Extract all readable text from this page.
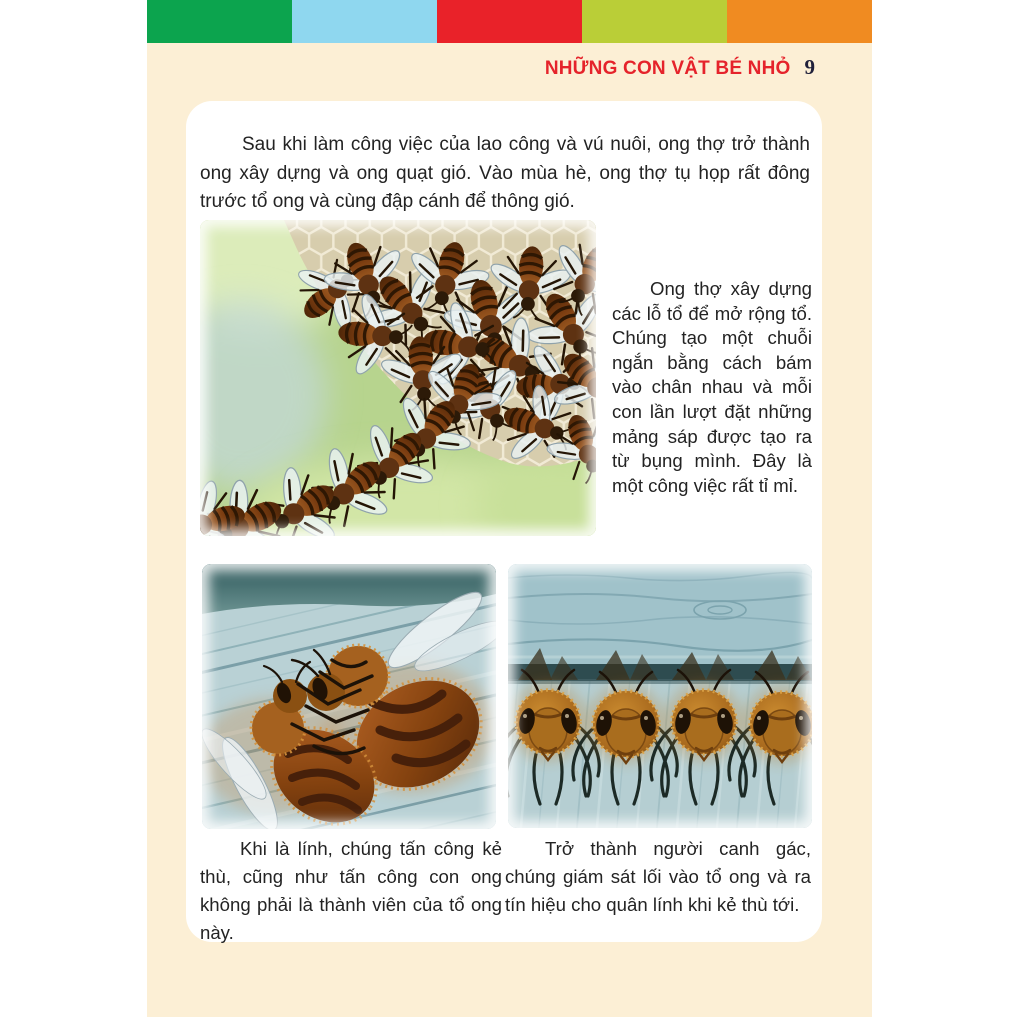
NHỮNG CON VẬT BÉ NHỎ 9

Sau khi làm công việc của lao công và vú nuôi, ong thợ trở thành ong xây dựng và ong quạt gió. Vào mùa hè, ong thợ tụ họp rất đông trước tổ ong và cùng đập cánh để thông gió.

Ong thợ xây dựng các lỗ tổ để mở rộng tổ. Chúng tạo một chuỗi ngắn bằng cách bám vào chân nhau và mỗi con lần lượt đặt những mảng sáp được tạo ra từ bụng mình. Đây là một công việc rất tỉ mỉ.

Khi là lính, chúng tấn công kẻ thù, cũng như tấn công con ong không phải là thành viên của tổ ong này.

Trở thành người canh gác, chúng giám sát lối vào tổ ong và ra tín hiệu cho quân lính khi kẻ thù tới.
